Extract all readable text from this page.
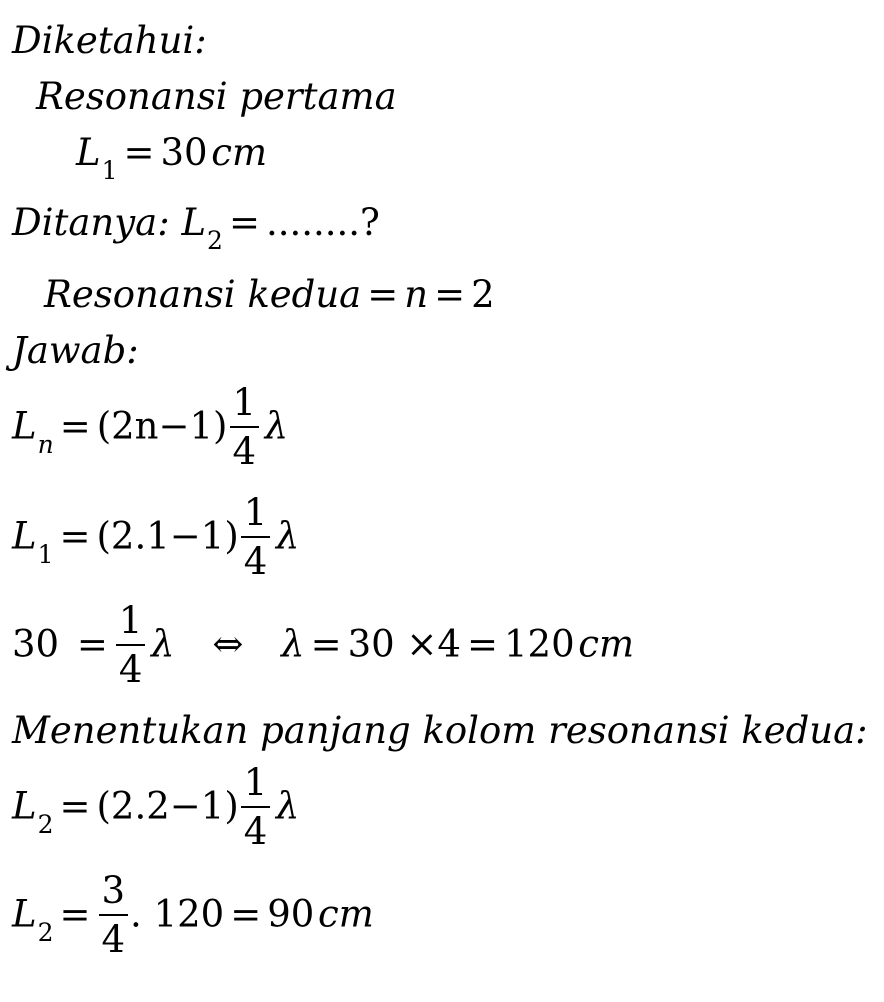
Diketahui:
Resonansi pertama
$L_1 = 30$ cm
Ditanya: $L_2$ = ........?
Resonansi kedua = n = 2
Jawab:
$L_n = (2n-1) \frac{1}{4}$
  λ
$L_1 = (2.1-1) \frac{1}{4}$
  λ
$30 = \frac{1}{4}$
  λ ⇔ λ = 30 ×4 = 120 cm
Menentukan panjang kolom resonansi kedua:
$L_2 = (2.2-1) \frac{1}{4}$
  λ
$L_2 = \frac{3}{4}$ . 120 = 90 cm
